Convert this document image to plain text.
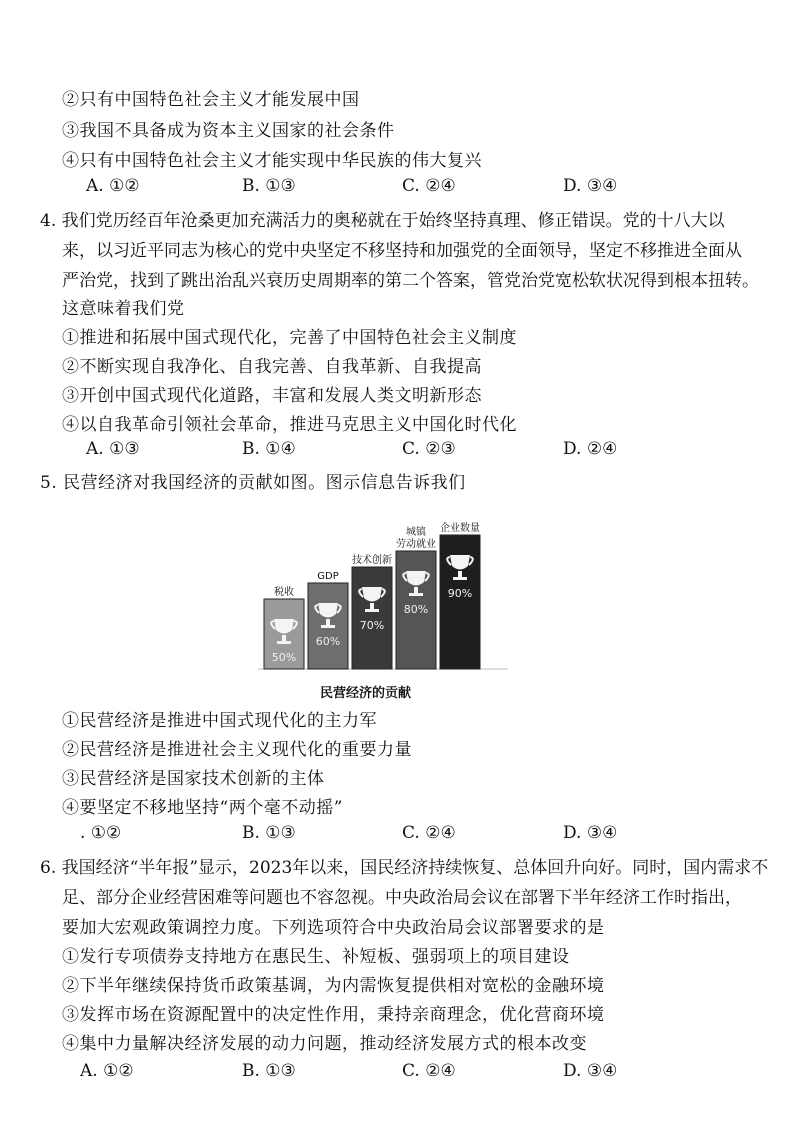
②只有中国特色社会主义才能发展中国
③我国不具备成为资本主义国家的社会条件
④只有中国特色社会主义才能实现中华民族的伟大复兴
A. ①②	B. ①③	C. ②④	D. ③④
4. 我们党历经百年沧桑更加充满活力的奥秘就在于始终坚持真理、修正错误。党的十八大以
来，以习近平同志为核心的党中央坚定不移坚持和加强党的全面领导，坚定不移推进全面从
严治党，找到了跳出治乱兴衰历史周期率的第二个答案，管党治党宽松软状况得到根本扭转。
这意味着我们党
①推进和拓展中国式现代化，完善了中国特色社会主义制度
②不断实现自我净化、自我完善、自我革新、自我提高
③开创中国式现代化道路，丰富和发展人类文明新形态
④以自我革命引领社会革命，推进马克思主义中国化时代化
A. ①③	B. ①④	C. ②③	D. ②④
5. 民营经济对我国经济的贡献如图。图示信息告诉我们
50%
税收
60%
GDP
70%
技术创新
80%
城镇
劳动就业
90%
企业数量
民营经济的贡献
①民营经济是推进中国式现代化的主力军
②民营经济是推进社会主义现代化的重要力量
③民营经济是国家技术创新的主体
④要坚定不移地坚持“两个毫不动摇”
. ①②	B. ①③	C. ②④	D. ③④
6. 我国经济“半年报”显示，2023年以来，国民经济持续恢复、总体回升向好。同时，国内需求不
足、部分企业经营困难等问题也不容忽视。中央政治局会议在部署下半年经济工作时指出，
要加大宏观政策调控力度。下列选项符合中央政治局会议部署要求的是
①发行专项债券支持地方在惠民生、补短板、强弱项上的项目建设
②下半年继续保持货币政策基调，为内需恢复提供相对宽松的金融环境
③发挥市场在资源配置中的决定性作用，秉持亲商理念，优化营商环境
④集中力量解决经济发展的动力问题，推动经济发展方式的根本改变
A. ①②	B. ①③	C. ②④	D. ③④
